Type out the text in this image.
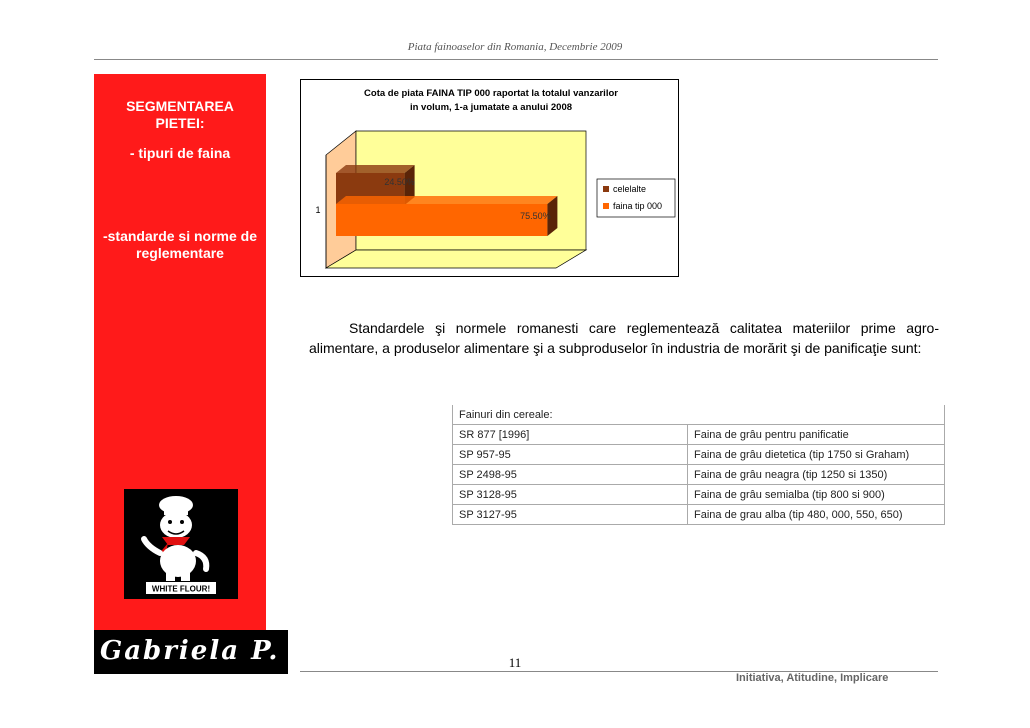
Piata fainoaselor din Romania, Decembrie 2009
SEGMENTAREA PIETEI:
- tipuri de faina
-standarde si norme de reglementare
WHITE FLOUR!
Gabriela P.
Cota de piata FAINA TIP 000 raportat la totalul vanzarilor
in volum, 1-a jumatate a anului 2008
1
24.50%
75.50%
celelalte
faina tip 000
Standardele şi normele romanesti care reglementează calitatea materiilor prime agro-alimentare, a produselor alimentare şi a subproduselor în industria de morărit şi de panificaţie sunt:
Fainuri din cereale:	
SR 877 [1996]	Faina de grâu pentru panificatie
SP 957-95	Faina de grâu dietetica (tip 1750 si Graham)
SP 2498-95	Faina de grâu neagra (tip 1250 si 1350)
SP 3128-95	Faina de grâu semialba (tip 800 si 900)
SP 3127-95	Faina de grau alba (tip 480, 000, 550, 650)
11
Initiativa, Atitudine, Implicare
